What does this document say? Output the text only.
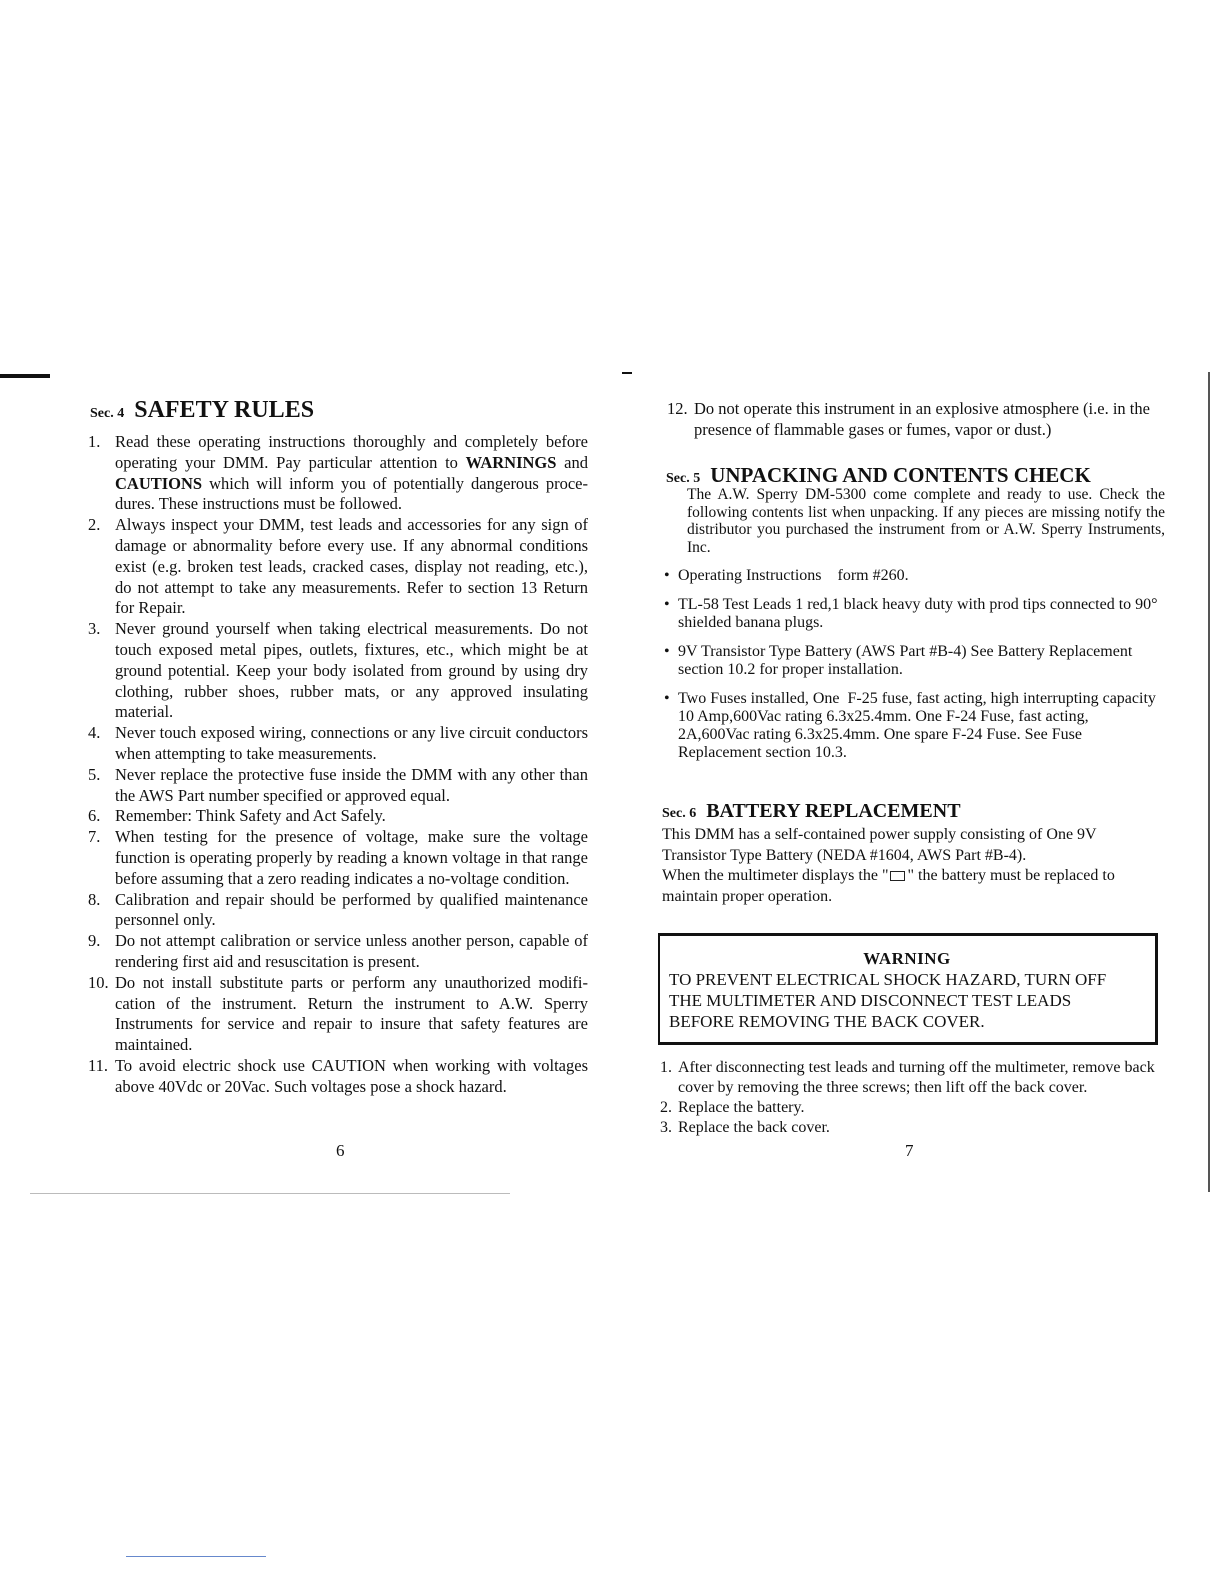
Sec. 4 SAFETY RULES
1. Read these operating instructions thoroughly and completely before operating your DMM. Pay particular attention to WARNINGS and CAUTIONS which will inform you of potentially dangerous proce- dures. These instructions must be followed.
2. Always inspect your DMM, test leads and accessories for any sign of damage or abnormality before every use. If any abnormal conditions exist (e.g. broken test leads, cracked cases, display not reading, etc.), do not attempt to take any measurements. Refer to section 13 Return for Repair.
3. Never ground yourself when taking electrical measurements. Do not touch exposed metal pipes, outlets, fixtures, etc., which might be at ground potential. Keep your body isolated from ground by using dry clothing, rubber shoes, rubber mats, or any approved insulating material.
4. Never touch exposed wiring, connections or any live circuit conductors when attempting to take measurements.
5. Never replace the protective fuse inside the DMM with any other than the AWS Part number specified or approved equal.
6. Remember: Think Safety and Act Safely.
7. When testing for the presence of voltage, make sure the voltage function is operating properly by reading a known voltage in that range before assuming that a zero reading indicates a no-voltage condition.
8. Calibration and repair should be performed by qualified maintenance personnel only.
9. Do not attempt calibration or service unless another person, capable of rendering first aid and resuscitation is present.
10. Do not install substitute parts or perform any unauthorized modifi- cation of the instrument. Return the instrument to A.W. Sperry Instruments for service and repair to insure that safety features are maintained.
11. To avoid electric shock use CAUTION when working with voltages above 40Vdc or 20Vac. Such voltages pose a shock hazard.
6
12. Do not operate this instrument in an explosive atmosphere (i.e. in the presence of flammable gases or fumes, vapor or dust.)
Sec. 5 UNPACKING AND CONTENTS CHECK
The A.W. Sperry DM-5300 come complete and ready to use. Check the following contents list when unpacking. If any pieces are missing notify the distributor you purchased the instrument from or A.W. Sperry Instruments, Inc.
• Operating Instructions    form #260.
• TL-58 Test Leads 1 red,1 black heavy duty with prod tips connected to 90° shielded banana plugs.
• 9V Transistor Type Battery (AWS Part #B-4) See Battery Replacement section 10.2 for proper installation.
• Two Fuses installed, One  F-25 fuse, fast acting, high interrupting capacity 10 Amp,600Vac rating 6.3x25.4mm. One F-24 Fuse, fast acting, 2A,600Vac rating 6.3x25.4mm. One spare F-24 Fuse. See Fuse Replacement section 10.3.
Sec. 6 BATTERY REPLACEMENT
This DMM has a self-contained power supply consisting of One 9V Transistor Type Battery (NEDA #1604, AWS Part #B-4).
When the multimeter displays the " " the battery must be replaced to maintain proper operation.
WARNING
TO PREVENT ELECTRICAL SHOCK HAZARD, TURN OFF THE MULTIMETER AND DISCONNECT TEST LEADS BEFORE REMOVING THE BACK COVER.
1. After disconnecting test leads and turning off the multimeter, remove back cover by removing the three screws; then lift off the back cover.
2. Replace the battery.
3. Replace the back cover.
7
